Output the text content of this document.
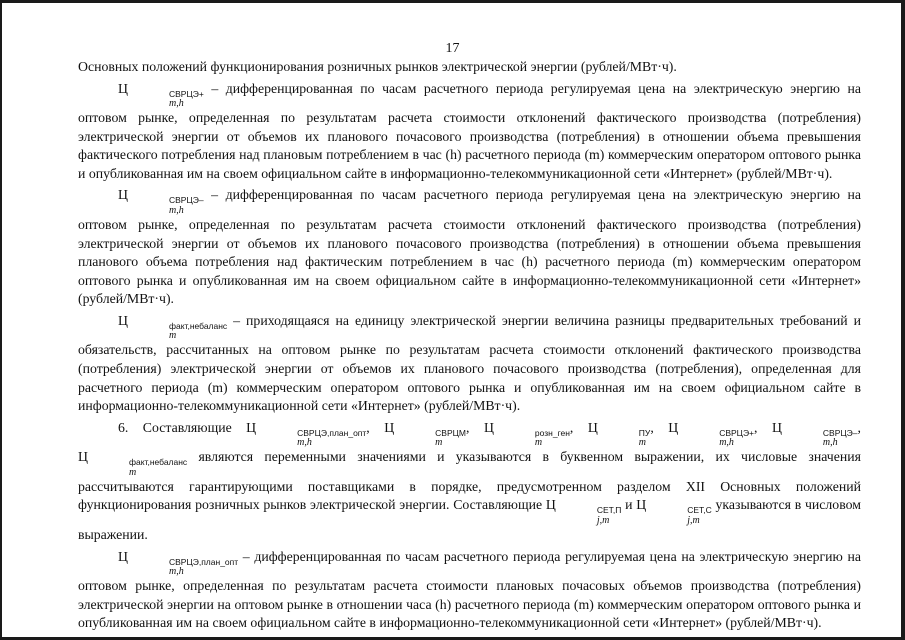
17

Основных положений функционирования розничных рынков электрической энергии (рублей/МВт·ч).

Ц	СВРЦЭ+
m,h
– дифференцированная по часам расчетного периода регулируемая цена на электрическую энергию на оптовом рынке, определенная по результатам расчета стоимости отклонений фактического производства (потребления) электрической энергии от объемов их планового почасового производства (потребления) в отношении объема превышения фактического потребления над плановым потреблением в час (h) расчетного периода (m) коммерческим оператором оптового рынка и опубликованная им на своем официальном сайте в информационно-телекоммуникационной сети «Интернет» (рублей/МВт·ч).

Ц	СВРЦЭ–
m,h
– дифференцированная по часам расчетного периода регулируемая цена на электрическую энергию на оптовом рынке, определенная по результатам расчета стоимости отклонений фактического производства (потребления) электрической энергии от объемов их планового почасового производства (потребления) в отношении объема превышения планового объема потребления над фактическим потреблением в час (h) расчетного периода (m) коммерческим оператором оптового рынка и опубликованная им на своем официальном сайте в информационно-телекоммуникационной сети «Интернет» (рублей/МВт·ч).

Ц	факт,небаланс
m
– приходящаяся на единицу электрической энергии величина разницы предварительных требований и обязательств, рассчитанных на оптовом рынке по результатам расчета стоимости отклонений фактического производства (потребления) электрической энергии от объемов их планового почасового производства (потребления), определенная для расчетного периода (m) коммерческим оператором оптового рынка и опубликованная им на своем официальном сайте в информационно-телекоммуникационной сети «Интернет» (рублей/МВт·ч).

6. Составляющие Ц	СВРЦЭ,план_опт
m,h
, Ц	СВРЦМ
m
, Ц	розн_ген
m
, Ц	ПУ
m
, Ц	СВРЦЭ+
m,h
, Ц	СВРЦЭ–
m,h
, Ц	факт,небаланс
m
являются переменными значениями и указываются в буквенном выражении, их числовые значения рассчитываются гарантирующими поставщиками в порядке, предусмотренном разделом XII Основных положений функционирования розничных рынков электрической энергии. Составляющие Ц	СЕТ,П
j,m
и Ц	СЕТ,С
j,m
указываются в числовом выражении.

Ц	СВРЦЭ,план_опт
m,h
– дифференцированная по часам расчетного периода регулируемая цена на электрическую энергию на оптовом рынке, определенная по результатам расчета стоимости плановых почасовых объемов производства (потребления) электрической энергии на оптовом рынке в отношении часа (h) расчетного периода (m) коммерческим оператором оптового рынка и опубликованная им на своем официальном сайте в информационно-телекоммуникационной сети «Интернет» (рублей/МВт·ч).
